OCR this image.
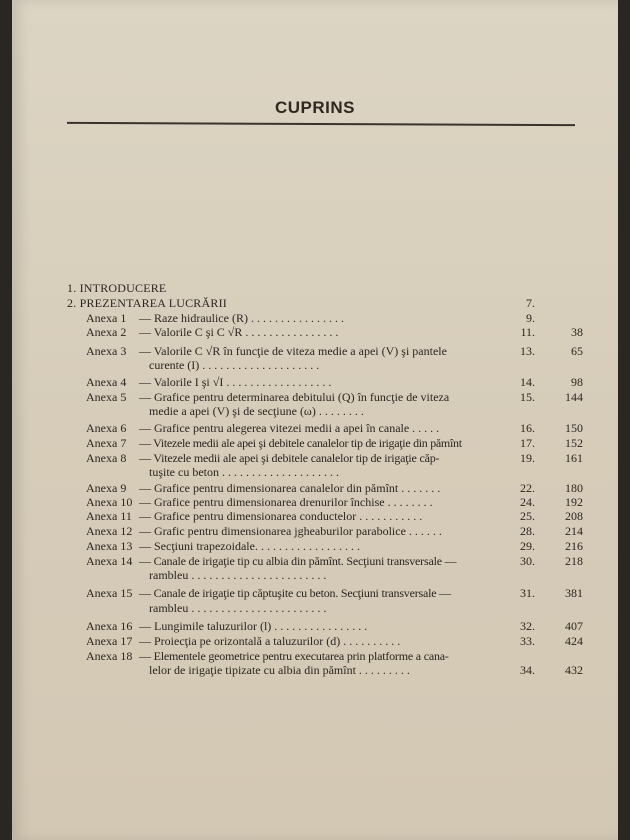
CUPRINS
1. INTRODUCERE
2. PREZENTAREA LUCRĂRII	7.
Anexa 1 — Raze hidraulice (R) . . . . . . . . . . . . . . . .	9.
Anexa 2 — Valorile C şi C √R . . . . . . . . . . . . . . . .	11.	38
Anexa 3 — Valorile C √R în funcţie de viteza medie a apei (V) şi pantele	13.	65
curente (I) . . . . . . . . . . . . . . . . . . . .
Anexa 4 — Valorile I şi √I . . . . . . . . . . . . . . . . . .	14.	98
Anexa 5 — Grafice pentru determinarea debitului (Q) în funcţie de viteza	15.	144
medie a apei (V) şi de secţiune (ω) . . . . . . . .
Anexa 6 — Grafice pentru alegerea vitezei medii a apei în canale . . . . .	16.	150
Anexa 7 — Vitezele medii ale apei şi debitele canalelor tip de irigaţie din pămînt	17.	152
Anexa 8 — Vitezele medii ale apei şi debitele canalelor tip de irigaţie căp-	19.	161
tuşite cu beton . . . . . . . . . . . . . . . . . . . .
Anexa 9 — Grafice pentru dimensionarea canalelor din pămînt . . . . . . .	22.	180
Anexa 10 — Grafice pentru dimensionarea drenurilor închise . . . . . . . .	24.	192
Anexa 11 — Grafice pentru dimensionarea conductelor . . . . . . . . . . .	25.	208
Anexa 12 — Grafic pentru dimensionarea jgheaburilor parabolice . . . . . .	28.	214
Anexa 13 — Secţiuni trapezoidale. . . . . . . . . . . . . . . . . .	29.	216
Anexa 14 — Canale de irigaţie tip cu albia din pămînt. Secţiuni transversale —	30.	218
rambleu . . . . . . . . . . . . . . . . . . . . . . .
Anexa 15 — Canale de irigaţie tip căptuşite cu beton. Secţiuni transversale —	31.	381
rambleu . . . . . . . . . . . . . . . . . . . . . . .
Anexa 16 — Lungimile taluzurilor (l) . . . . . . . . . . . . . . . .	32.	407
Anexa 17 — Proiecţia pe orizontală a taluzurilor (d) . . . . . . . . . .	33.	424
Anexa 18 — Elementele geometrice pentru executarea prin platforme a cana-
lelor de irigaţie tipizate cu albia din pămînt . . . . . . . . .	34.	432
